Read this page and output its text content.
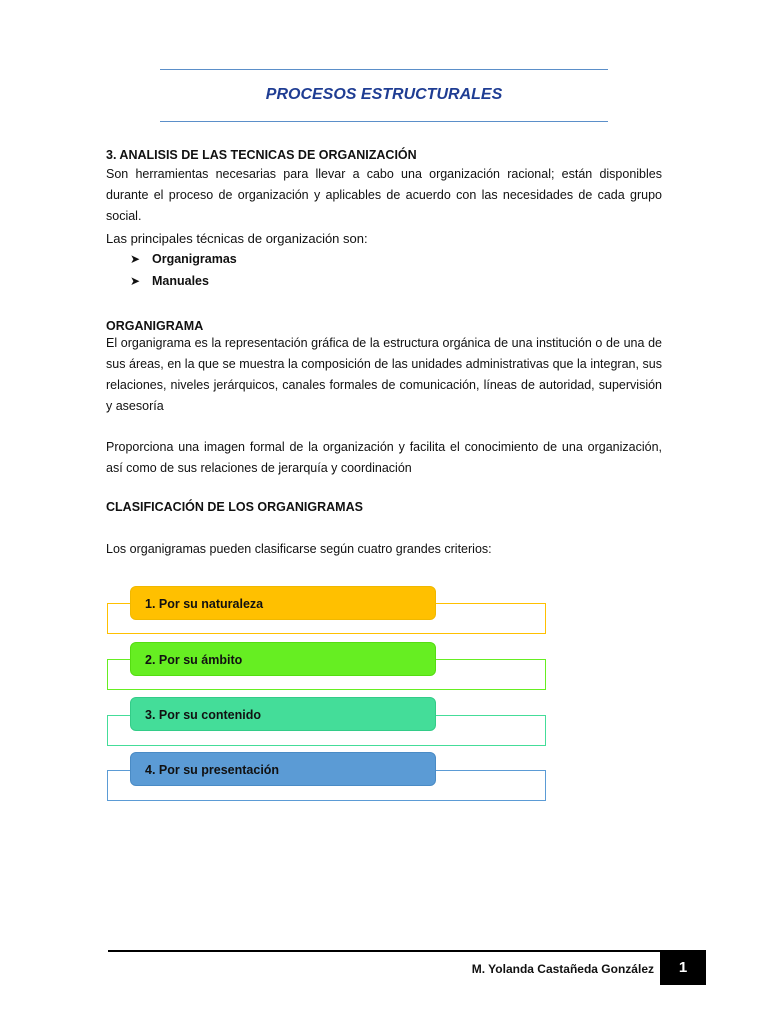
PROCESOS ESTRUCTURALES
3. ANALISIS DE LAS TECNICAS DE ORGANIZACIÓN
Son herramientas necesarias para llevar a cabo una organización racional; están disponibles durante el proceso de organización y aplicables de acuerdo con las necesidades de cada grupo social.
Las principales técnicas de organización son:
➤ Organigramas
➤ Manuales
ORGANIGRAMA
El organigrama es la representación gráfica de la estructura orgánica de una institución o de una de sus áreas, en la que se muestra la composición de las unidades administrativas que la integran, sus relaciones, niveles jerárquicos, canales formales de comunicación, líneas de autoridad, supervisión y asesoría
Proporciona una imagen formal de la organización y facilita el conocimiento de una organización, así como de sus relaciones de jerarquía y coordinación
CLASIFICACIÓN DE LOS ORGANIGRAMAS
Los organigramas pueden clasificarse según cuatro grandes criterios:
1. Por su naturaleza
2. Por su ámbito
3. Por su contenido
4. Por su presentación
M. Yolanda Castañeda González	1
